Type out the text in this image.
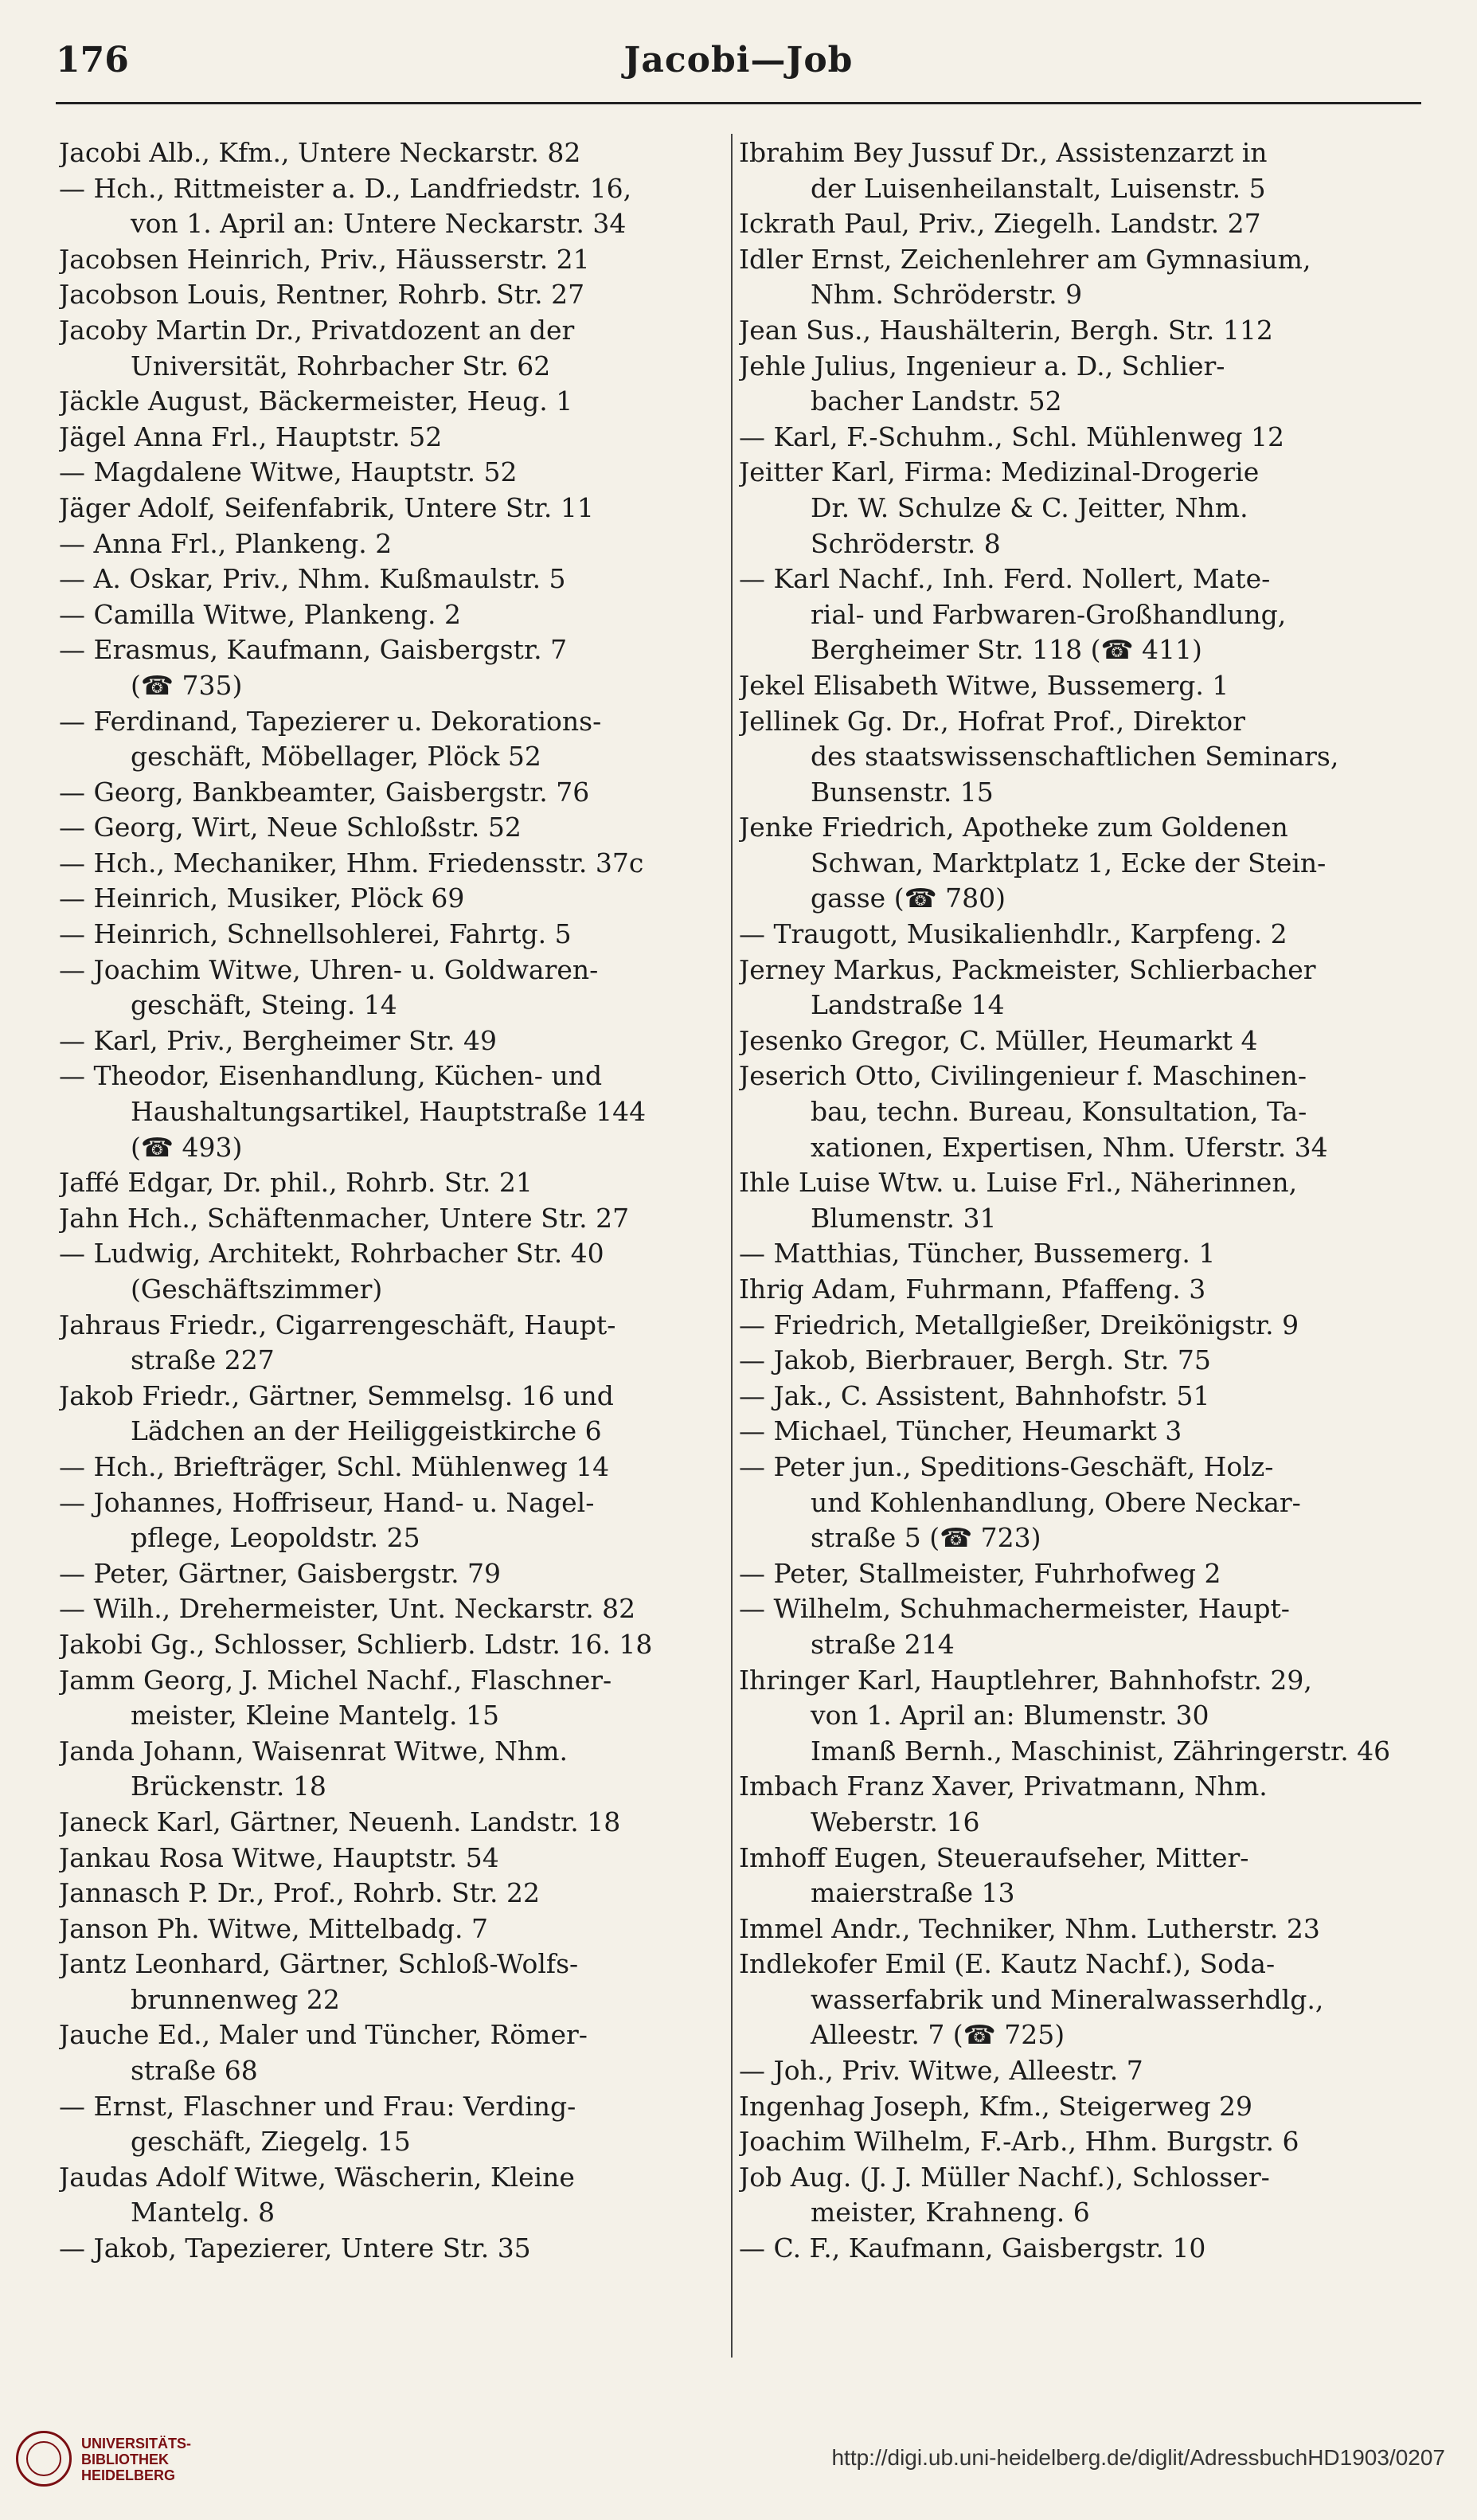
176	Jacobi—Job
Jacobi Alb., Kfm., Untere Neckarstr. 82
— Hch., Rittmeister a. D., Landfriedstr. 16,
von 1. April an: Untere Neckarstr. 34
Jacobsen Heinrich, Priv., Häusserstr. 21
Jacobson Louis, Rentner, Rohrb. Str. 27
Jacoby Martin Dr., Privatdozent an der
Universität, Rohrbacher Str. 62
Jäckle August, Bäckermeister, Heug. 1
Jägel Anna Frl., Hauptstr. 52
— Magdalene Witwe, Hauptstr. 52
Jäger Adolf, Seifenfabrik, Untere Str. 11
— Anna Frl., Plankeng. 2
— A. Oskar, Priv., Nhm. Kußmaulstr. 5
— Camilla Witwe, Plankeng. 2
— Erasmus, Kaufmann, Gaisbergstr. 7
(☎ 735)
— Ferdinand, Tapezierer u. Dekorations-
geschäft, Möbellager, Plöck 52
— Georg, Bankbeamter, Gaisbergstr. 76
— Georg, Wirt, Neue Schloßstr. 52
— Hch., Mechaniker, Hhm. Friedensstr. 37c
— Heinrich, Musiker, Plöck 69
— Heinrich, Schnellsohlerei, Fahrtg. 5
— Joachim Witwe, Uhren- u. Goldwaren-
geschäft, Steing. 14
— Karl, Priv., Bergheimer Str. 49
— Theodor, Eisenhandlung, Küchen- und
Haushaltungsartikel, Hauptstraße 144
(☎ 493)
Jaffé Edgar, Dr. phil., Rohrb. Str. 21
Jahn Hch., Schäftenmacher, Untere Str. 27
— Ludwig, Architekt, Rohrbacher Str. 40
(Geschäftszimmer)
Jahraus Friedr., Cigarrengeschäft, Haupt-
straße 227
Jakob Friedr., Gärtner, Semmelsg. 16 und
Lädchen an der Heiliggeistkirche 6
— Hch., Briefträger, Schl. Mühlenweg 14
— Johannes, Hoffriseur, Hand- u. Nagel-
pflege, Leopoldstr. 25
— Peter, Gärtner, Gaisbergstr. 79
— Wilh., Drehermeister, Unt. Neckarstr. 82
Jakobi Gg., Schlosser, Schlierb. Ldstr. 16. 18
Jamm Georg, J. Michel Nachf., Flaschner-
meister, Kleine Mantelg. 15
Janda Johann, Waisenrat Witwe, Nhm.
Brückenstr. 18
Janeck Karl, Gärtner, Neuenh. Landstr. 18
Jankau Rosa Witwe, Hauptstr. 54
Jannasch P. Dr., Prof., Rohrb. Str. 22
Janson Ph. Witwe, Mittelbadg. 7
Jantz Leonhard, Gärtner, Schloß-Wolfs-
brunnenweg 22
Jauche Ed., Maler und Tüncher, Römer-
straße 68
— Ernst, Flaschner und Frau: Verding-
geschäft, Ziegelg. 15
Jaudas Adolf Witwe, Wäscherin, Kleine
Mantelg. 8
— Jakob, Tapezierer, Untere Str. 35
Ibrahim Bey Jussuf Dr., Assistenzarzt in
der Luisenheilanstalt, Luisenstr. 5
Ickrath Paul, Priv., Ziegelh. Landstr. 27
Idler Ernst, Zeichenlehrer am Gymnasium,
Nhm. Schröderstr. 9
Jean Sus., Haushälterin, Bergh. Str. 112
Jehle Julius, Ingenieur a. D., Schlier-
bacher Landstr. 52
— Karl, F.-Schuhm., Schl. Mühlenweg 12
Jeitter Karl, Firma: Medizinal-Drogerie
Dr. W. Schulze & C. Jeitter, Nhm.
Schröderstr. 8
— Karl Nachf., Inh. Ferd. Nollert, Mate-
rial- und Farbwaren-Großhandlung,
Bergheimer Str. 118 (☎ 411)
Jekel Elisabeth Witwe, Bussemerg. 1
Jellinek Gg. Dr., Hofrat Prof., Direktor
des staatswissenschaftlichen Seminars,
Bunsenstr. 15
Jenke Friedrich, Apotheke zum Goldenen
Schwan, Marktplatz 1, Ecke der Stein-
gasse (☎ 780)
— Traugott, Musikalienhdlr., Karpfeng. 2
Jerney Markus, Packmeister, Schlierbacher
Landstraße 14
Jesenko Gregor, C. Müller, Heumarkt 4
Jeserich Otto, Civilingenieur f. Maschinen-
bau, techn. Bureau, Konsultation, Ta-
xationen, Expertisen, Nhm. Uferstr. 34
Ihle Luise Wtw. u. Luise Frl., Näherinnen,
Blumenstr. 31
— Matthias, Tüncher, Bussemerg. 1
Ihrig Adam, Fuhrmann, Pfaffeng. 3
— Friedrich, Metallgießer, Dreikönigstr. 9
— Jakob, Bierbrauer, Bergh. Str. 75
— Jak., C. Assistent, Bahnhofstr. 51
— Michael, Tüncher, Heumarkt 3
— Peter jun., Speditions-Geschäft, Holz-
und Kohlenhandlung, Obere Neckar-
straße 5 (☎ 723)
— Peter, Stallmeister, Fuhrhofweg 2
— Wilhelm, Schuhmachermeister, Haupt-
straße 214
Ihringer Karl, Hauptlehrer, Bahnhofstr. 29,
von 1. April an: Blumenstr. 30
Imanß Bernh., Maschinist, Zähringerstr. 46
Imbach Franz Xaver, Privatmann, Nhm.
Weberstr. 16
Imhoff Eugen, Steueraufseher, Mitter-
maierstraße 13
Immel Andr., Techniker, Nhm. Lutherstr. 23
Indlekofer Emil (E. Kautz Nachf.), Soda-
wasserfabrik und Mineralwasserhdlg.,
Alleestr. 7 (☎ 725)
— Joh., Priv. Witwe, Alleestr. 7
Ingenhag Joseph, Kfm., Steigerweg 29
Joachim Wilhelm, F.-Arb., Hhm. Burgstr. 6
Job Aug. (J. J. Müller Nachf.), Schlosser-
meister, Krahneng. 6
— C. F., Kaufmann, Gaisbergstr. 10
UNIVERSITÄTS-
BIBLIOTHEK
HEIDELBERG
http://digi.ub.uni-heidelberg.de/diglit/AdressbuchHD1903/0207
